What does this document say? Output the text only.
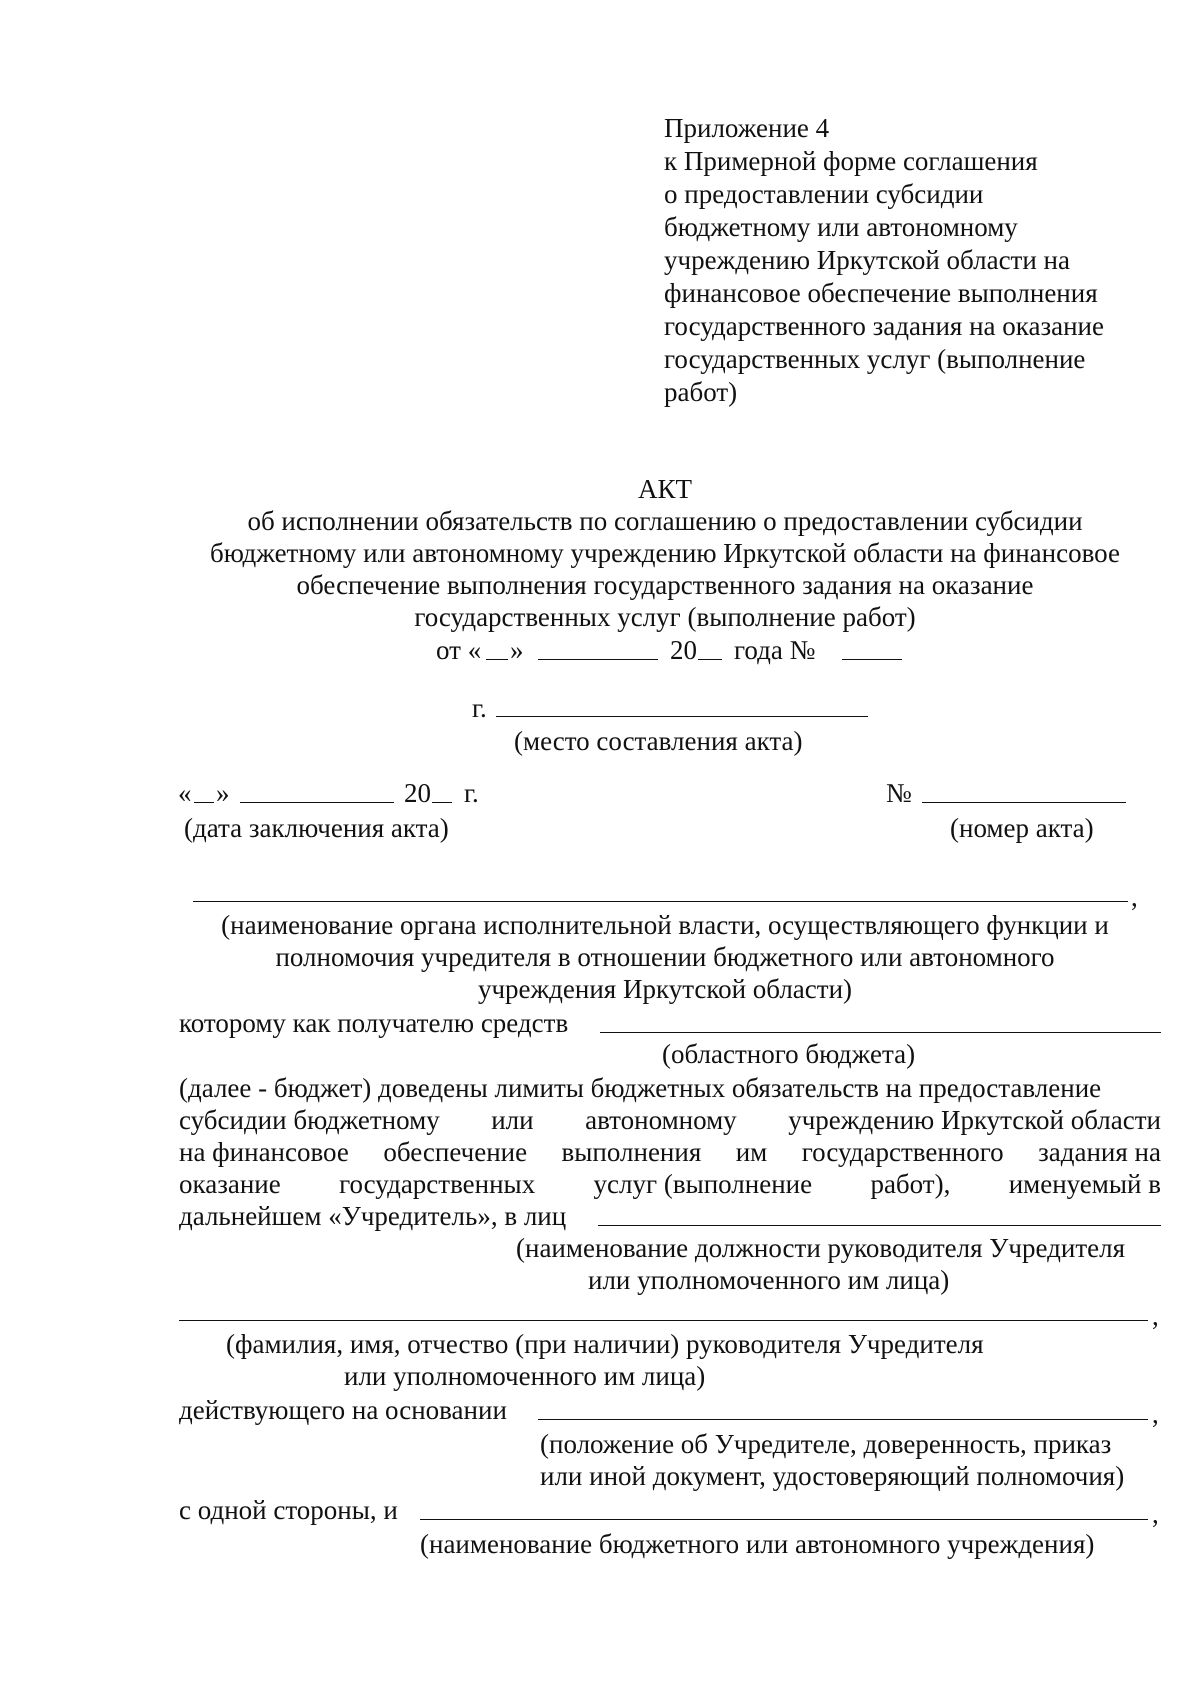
Приложение 4
к Примерной форме соглашения
о предоставлении субсидии
бюджетному или автономному
учреждению Иркутской области на
финансовое обеспечение выполнения
государственного задания на оказание
государственных услуг (выполнение
работ)
АКТ
об исполнении обязательств по соглашению о предоставлении субсидии
бюджетному или автономному учреждению Иркутской области на финансовое
обеспечение выполнения государственного задания на оказание
государственных услуг (выполнение работ)
от « »	20 года №
г.
(место составления акта)
« »	20 г.
(дата заключения акта)
№
(номер акта)
,
(наименование органа исполнительной власти, осуществляющего функции и
полномочия учредителя в отношении бюджетного или автономного
учреждения Иркутской области)
которому как получателю средств
(областного бюджета)
(далее - бюджет) доведены лимиты бюджетных обязательств на предоставление
субсидии бюджетному или автономному учреждению Иркутской области
на финансовое обеспечение выполнения им государственного задания на
оказание государственных услуг (выполнение работ), именуемый в
дальнейшем «Учредитель», в лиц
(наименование должности руководителя Учредителя
или уполномоченного им лица)
,
(фамилия, имя, отчество (при наличии) руководителя Учредителя
или уполномоченного им лица)
действующего на основании	,
(положение об Учредителе, доверенность, приказ
или иной документ, удостоверяющий полномочия)
с одной стороны, и	,
(наименование бюджетного или автономного учреждения)
